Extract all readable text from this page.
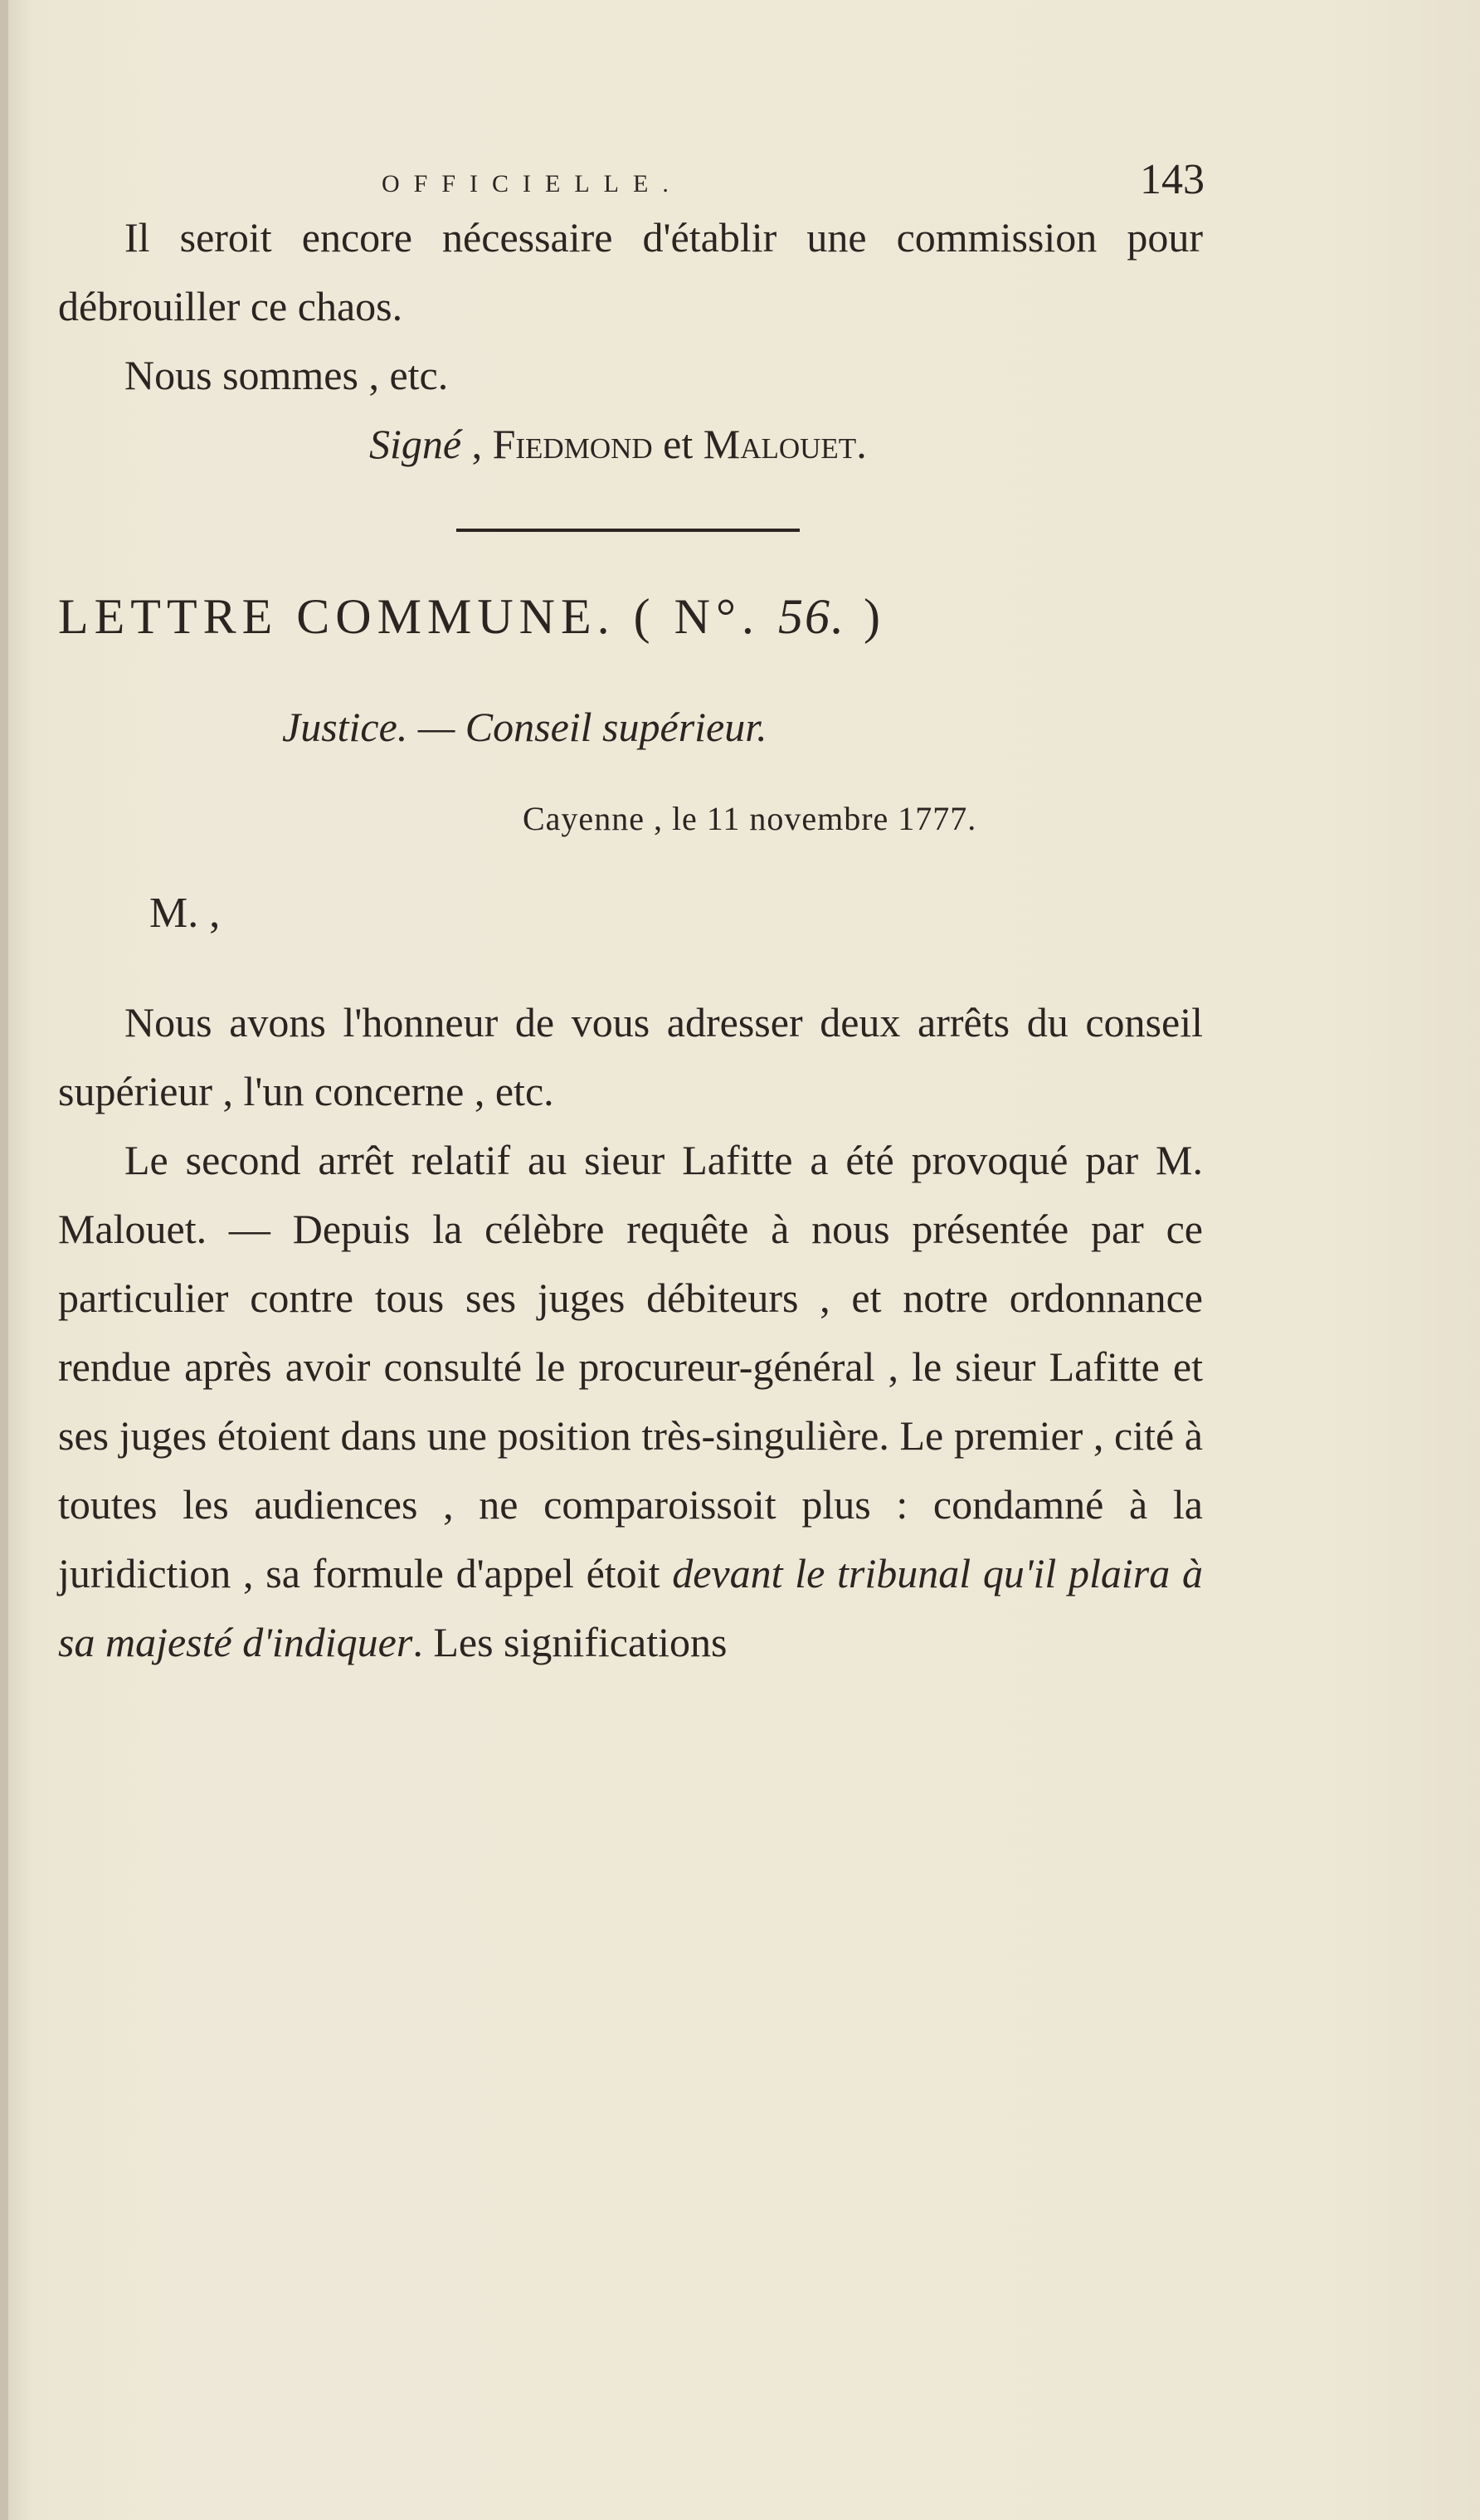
OFFICIELLE.	143

Il seroit encore nécessaire d'établir une commission pour débrouiller ce chaos.

Nous sommes , etc.

Signé , Fiedmond et Malouet.
LETTRE COMMUNE. ( N°. 56. )
Justice. — Conseil supérieur.
Cayenne , le 11 novembre 1777.
M. ,

Nous avons l'honneur de vous adresser deux arrêts du conseil supérieur , l'un concerne , etc.

Le second arrêt relatif au sieur Lafitte a été provoqué par M. Malouet. — Depuis la célèbre requête à nous présentée par ce particulier contre tous ses juges débiteurs , et notre ordonnance rendue après avoir consulté le procureur-général , le sieur Lafitte et ses juges étoient dans une position très-singulière. Le premier , cité à toutes les audiences , ne comparoissoit plus : condamné à la juridiction , sa formule d'appel étoit devant le tribunal qu'il plaira à sa majesté d'indiquer. Les significations
